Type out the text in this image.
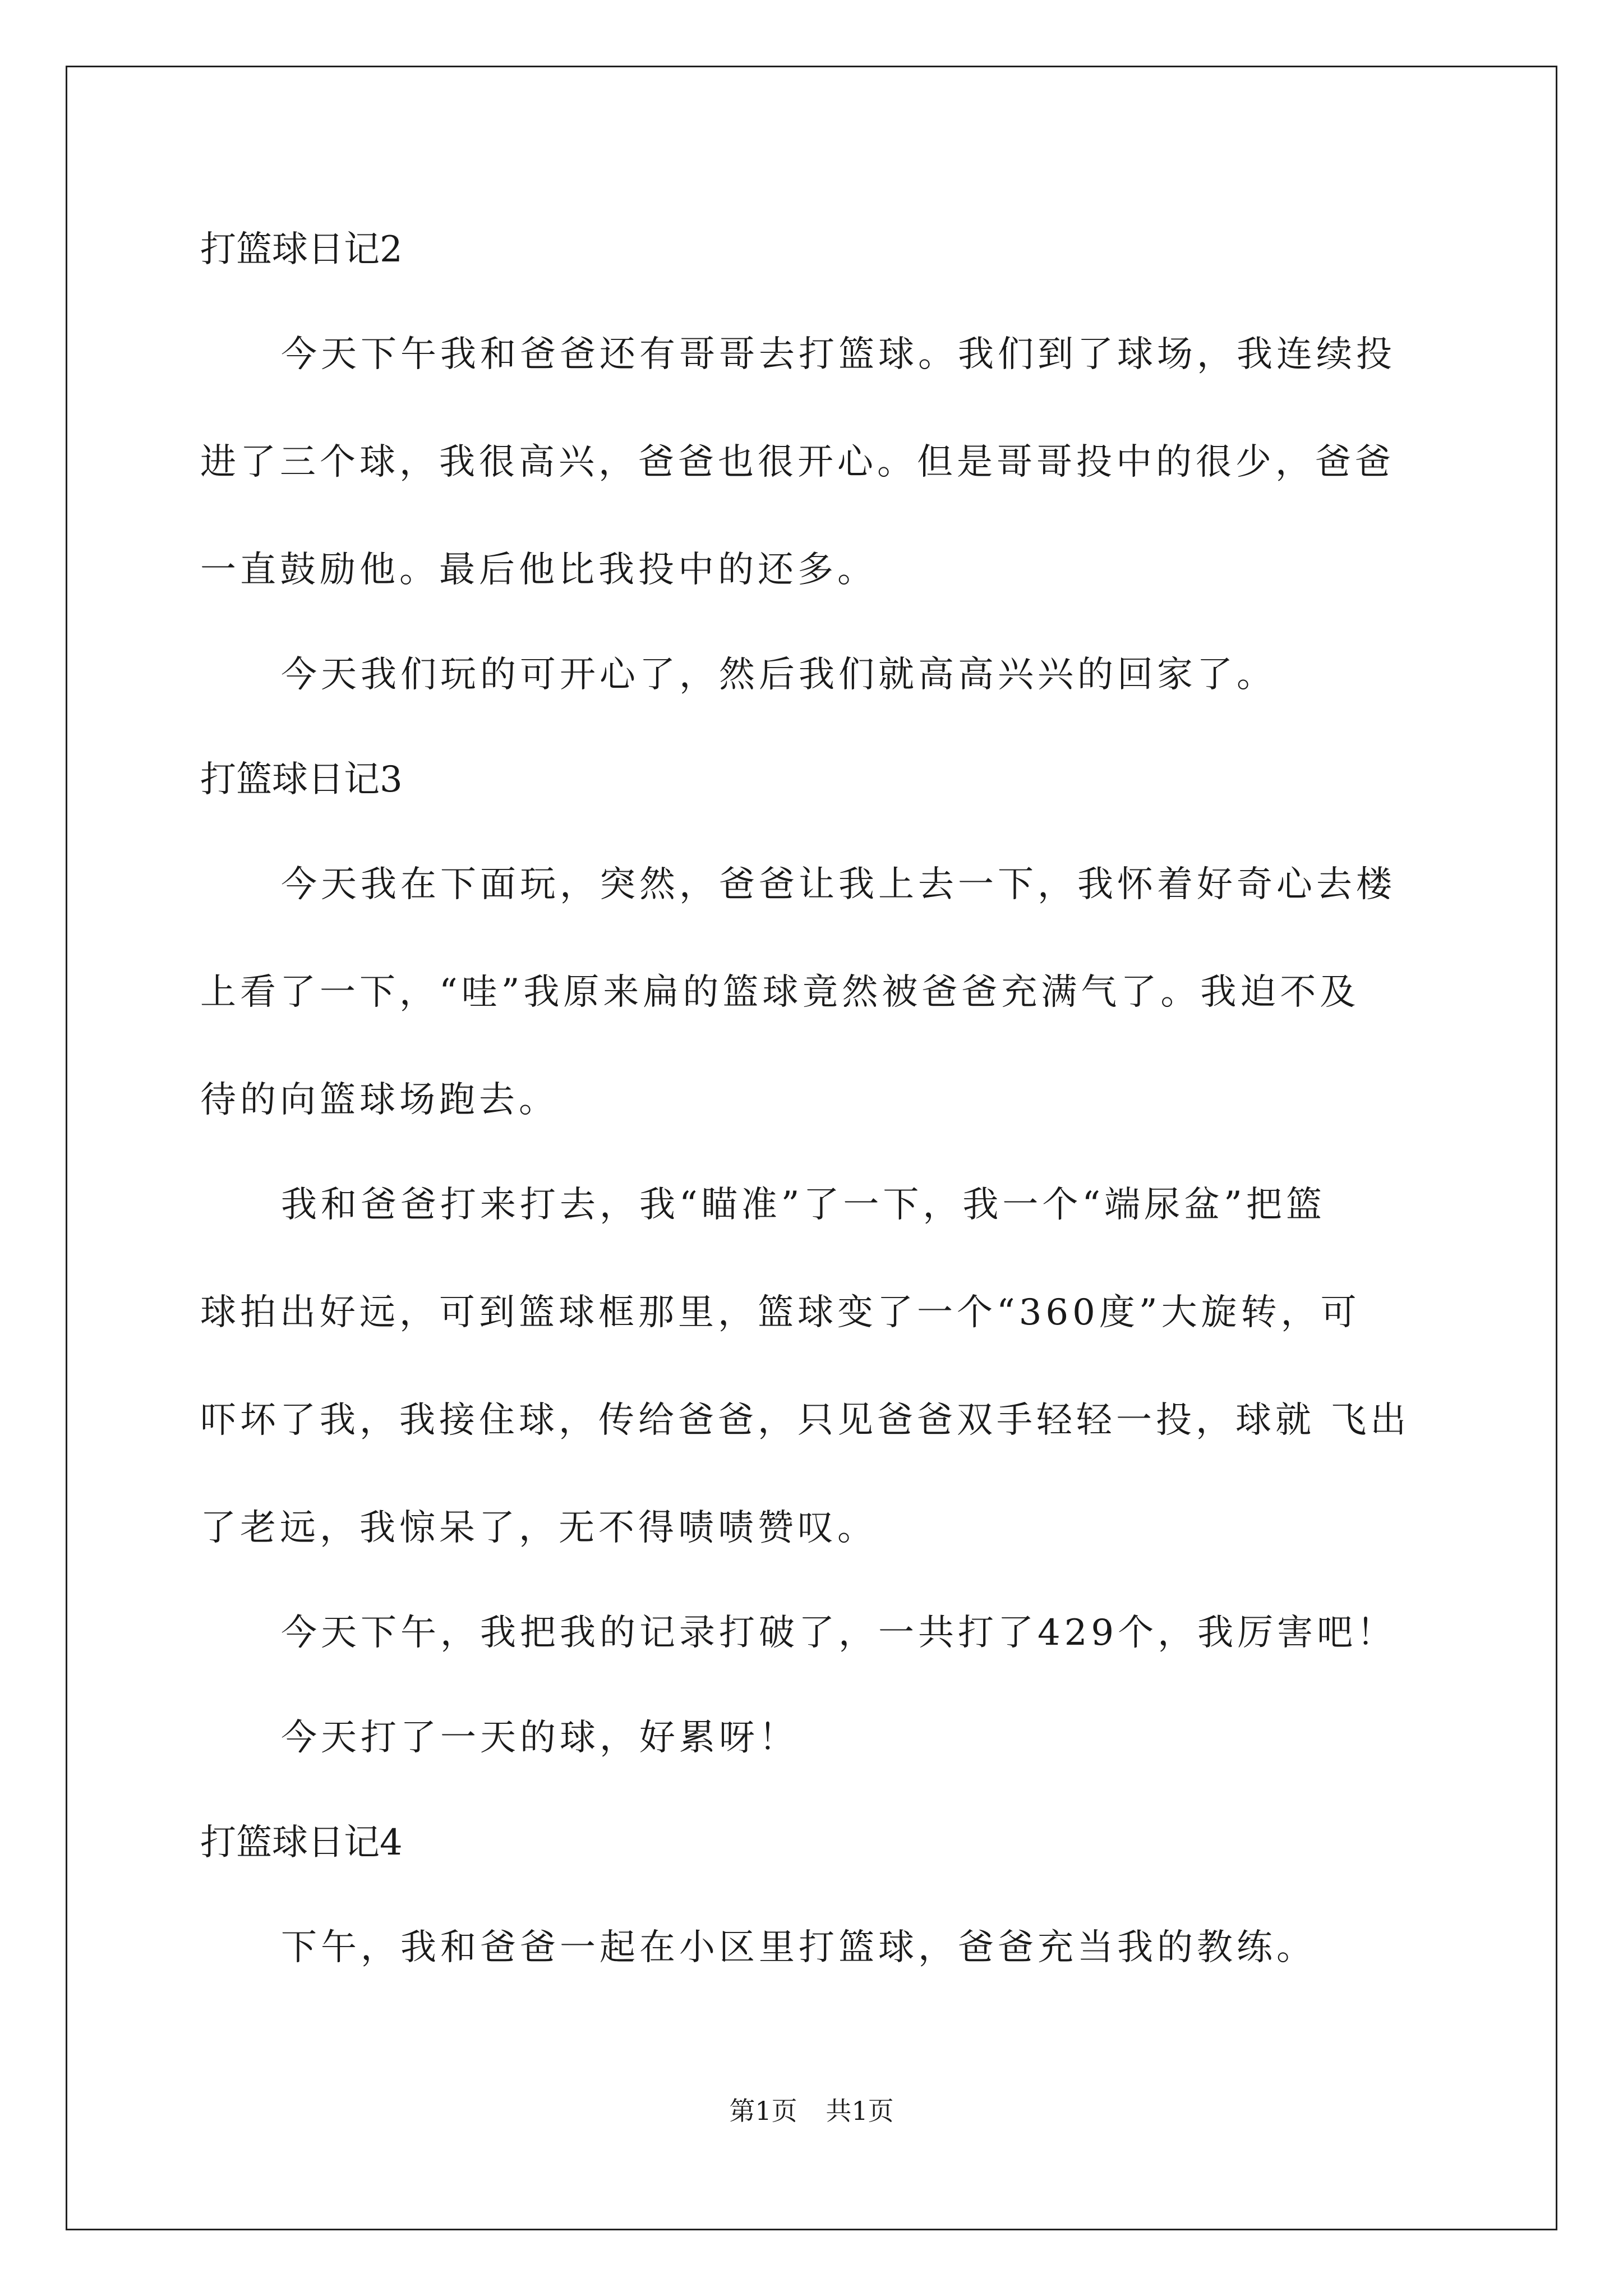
打篮球日记2
今天下午我和爸爸还有哥哥去打篮球。我们到了球场，我连续投
进了三个球，我很高兴，爸爸也很开心。但是哥哥投中的很少，爸爸
一直鼓励他。最后他比我投中的还多。
今天我们玩的可开心了，然后我们就高高兴兴的回家了。
打篮球日记3
今天我在下面玩，突然，爸爸让我上去一下，我怀着好奇心去楼
上看了一下，“哇”我原来扁的篮球竟然被爸爸充满气了。我迫不及
待的向篮球场跑去。
我和爸爸打来打去，我“瞄准”了一下，我一个“端尿盆”把篮
球拍出好远，可到篮球框那里，篮球变了一个“360度”大旋转，可
吓坏了我，我接住球，传给爸爸，只见爸爸双手轻轻一投，球就 飞出
了老远，我惊呆了，无不得啧啧赞叹。
今天下午，我把我的记录打破了，一共打了429个，我厉害吧！
今天打了一天的球，好累呀！
打篮球日记4
下午，我和爸爸一起在小区里打篮球，爸爸充当我的教练。
第1页 共1页
